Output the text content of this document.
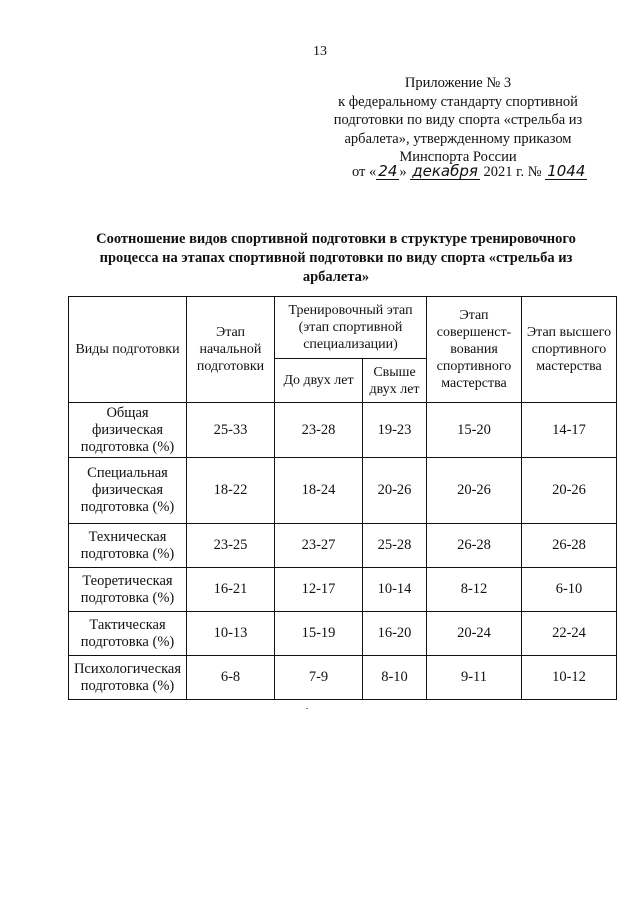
13
Приложение № 3
к федеральному стандарту спортивной
подготовки по виду спорта «стрельба из
арбалета», утвержденному приказом
Минспорта России
от « 24 » декабря 2021 г. № 1044
Соотношение видов спортивной подготовки в структуре тренировочного процесса на этапах спортивной подготовки по виду спорта «стрельба из арбалета»
Виды подготовки	Этап начальной подготовки	Тренировочный этап (этап спортивной специализации)		Этап совершенст-вования спортивного мастерства	Этап высшего спортивного мастерства
		До двух лет	Свыше двух лет		
Общая физическая подготовка (%)	25-33	23-28	19-23	15-20	14-17
Специальная физическая подготовка (%)	18-22	18-24	20-26	20-26	20-26
Техническая подготовка (%)	23-25	23-27	25-28	26-28	26-28
Теоретическая подготовка (%)	16-21	12-17	10-14	8-12	6-10
Тактическая подготовка (%)	10-13	15-19	16-20	20-24	22-24
Психологическая подготовка (%)	6-8	7-9	8-10	9-11	10-12
